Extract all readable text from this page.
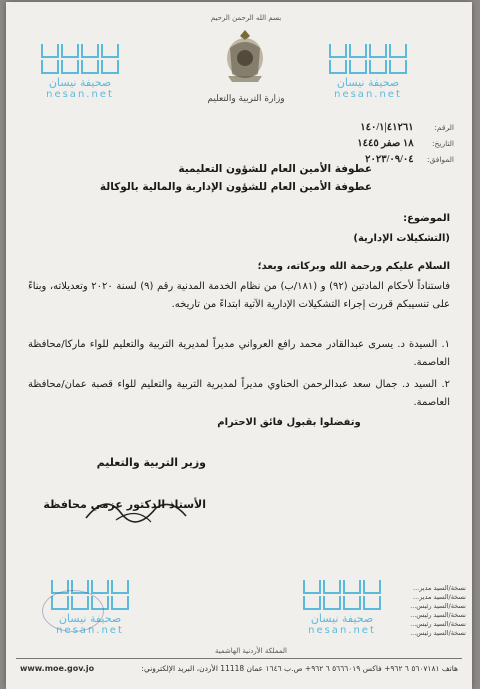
بسم الله الرحمن الرحيم
وزارة التربية والتعليم
الرقم: ٤١٢٦١|١٤٠/١
التاريخ: ١٨ صفر ١٤٤٥
الموافق: ٢٠٢٣/٠٩/٠٤
صحيفة نيسان
nesan.net
صحيفة نيسان
nesan.net
صحيفة نيسان
nesan.net
صحيفة نيسان
nesan.net
عطوفة الأمين العام للشؤون التعليمية
عطوفة الأمين العام للشؤون الإدارية والمالية بالوكالة
الموضوع:
(التشكيلات الإدارية)
السلام عليكم ورحمة الله وبركاته، وبعد؛
فاستناداً لأحكام المادتين (٩٢) و (١٨١/ب) من نظام الخدمة المدنية رقم (٩) لسنة ٢٠٢٠ وتعديلاته، وبناءً على تنسيبكم قررت إجراء التشكيلات الإدارية الآتية ابتداءً من تاريخه.
١. السيدة د. يسرى عبدالقادر محمد رافع العرواني مديراً لمديرية التربية والتعليم للواء ماركا/محافظة العاصمة.
٢. السيد د. جمال سعد عبدالرحمن الحناوي مديراً لمديرية التربية والتعليم للواء قصبة عمان/محافظة العاصمة.
وتفضلوا بقبول فائق الاحترام
وزير التربية والتعليم
الأستاذ الدكتور عزمي محافظة
نسخة/السيد مدير...
نسخة/السيد مدير...
نسخة/السيد رئيس...
نسخة/السيد رئيس...
نسخة/السيد رئيس...
نسخة/السيد رئيس...
المملكة الأردنية الهاشمية
www.moe.gov.jo	هاتف ٥٦٠٧١٨١ ٦ ٩٦٢+ فاكس ٥٦٦٦٠١٩ ٦ ٩٦٢+ ص.ب ١٦٤٦ عمان 11118 الأردن، البريد الإلكتروني:
